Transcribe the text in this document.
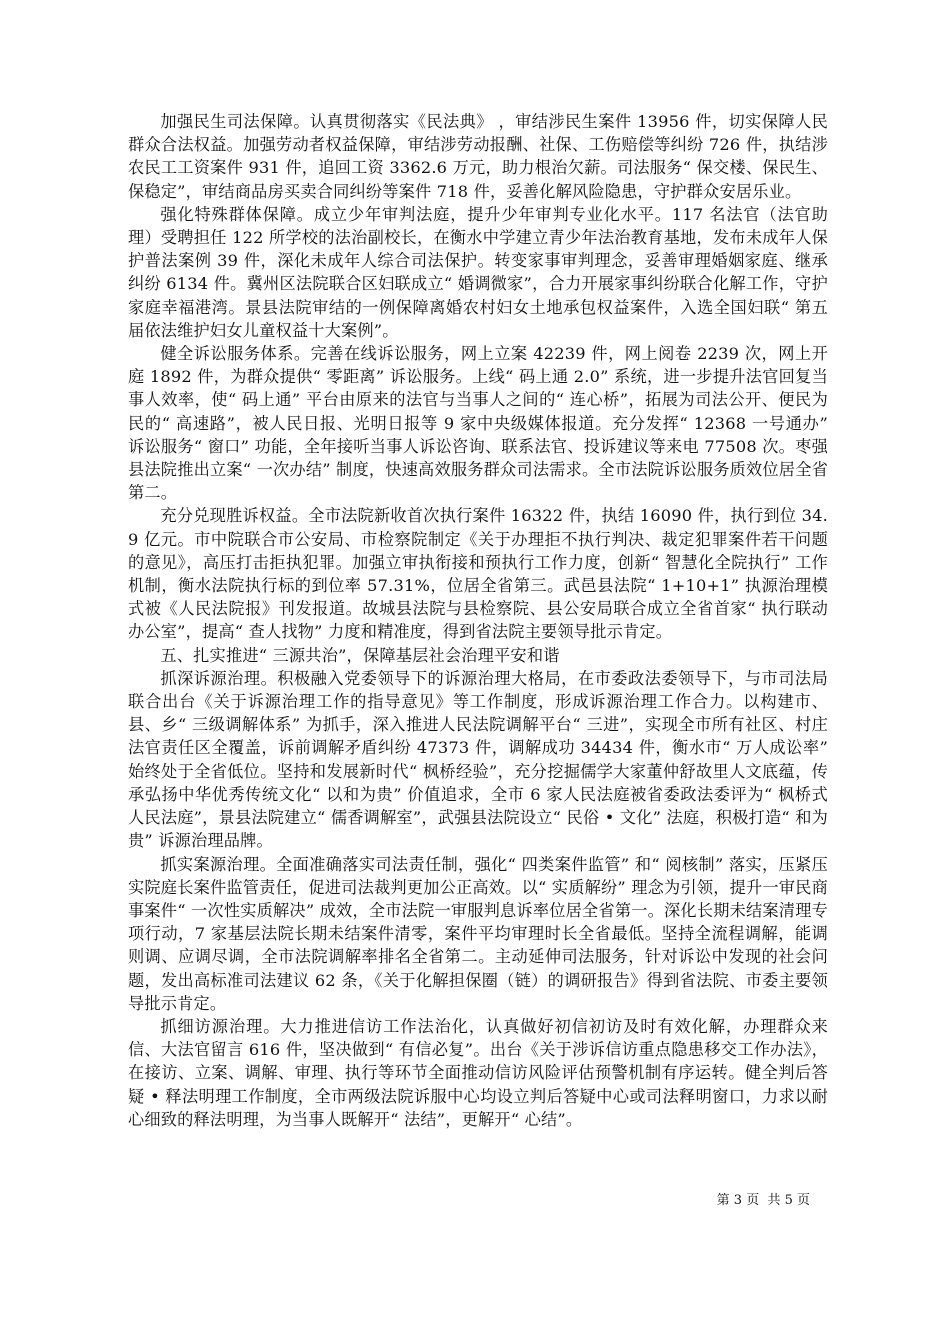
加强民生司法保障。认真贯彻落实《民法典》 ，审结涉民生案件 13956 件，切实保障人民群众合法权益。加强劳动者权益保障，审结涉劳动报酬、社保、工伤赔偿等纠纷 726 件，执结涉农民工工资案件 931 件，追回工资 3362.6 万元，助力根治欠薪。司法服务“ 保交楼、保民生、保稳定”，审结商品房买卖合同纠纷等案件 718 件，妥善化解风险隐患，守护群众安居乐业。

强化特殊群体保障。成立少年审判法庭，提升少年审判专业化水平。117 名法官（法官助理）受聘担任 122 所学校的法治副校长，在衡水中学建立青少年法治教育基地，发布未成年人保护普法案例 39 件，深化未成年人综合司法保护。转变家事审判理念，妥善审理婚姻家庭、继承纠纷 6134 件。冀州区法院联合区妇联成立“ 婚调微家”，合力开展家事纠纷联合化解工作，守护家庭幸福港湾。景县法院审结的一例保障离婚农村妇女土地承包权益案件，入选全国妇联“ 第五届依法维护妇女儿童权益十大案例”。

健全诉讼服务体系。完善在线诉讼服务，网上立案 42239 件，网上阅卷 2239 次，网上开庭 1892 件，为群众提供“ 零距离” 诉讼服务。上线“ 码上通 2.0” 系统，进一步提升法官回复当事人效率，使“ 码上通” 平台由原来的法官与当事人之间的“ 连心桥”，拓展为司法公开、便民为民的“ 高速路”，被人民日报、光明日报等 9 家中央级媒体报道。充分发挥“ 12368 一号通办” 诉讼服务“ 窗口” 功能，全年接听当事人诉讼咨询、联系法官、投诉建议等来电 77508 次。枣强县法院推出立案“ 一次办结” 制度，快速高效服务群众司法需求。全市法院诉讼服务质效位居全省第二。

充分兑现胜诉权益。全市法院新收首次执行案件 16322 件，执结 16090 件，执行到位 34.9 亿元。市中院联合市公安局、市检察院制定《关于办理拒不执行判决、裁定犯罪案件若干问题的意见》，高压打击拒执犯罪。加强立审执衔接和预执行工作力度，创新“ 智慧化全院执行” 工作机制，衡水法院执行标的到位率 57.31%，位居全省第三。武邑县法院“ 1+10+1” 执源治理模式被《人民法院报》刊发报道。故城县法院与县检察院、县公安局联合成立全省首家“ 执行联动办公室”，提高“ 查人找物” 力度和精准度，得到省法院主要领导批示肯定。

五、扎实推进“ 三源共治”，保障基层社会治理平安和谐

抓深诉源治理。积极融入党委领导下的诉源治理大格局，在市委政法委领导下，与市司法局联合出台《关于诉源治理工作的指导意见》等工作制度，形成诉源治理工作合力。以构建市、县、乡“ 三级调解体系” 为抓手，深入推进人民法院调解平台“ 三进”，实现全市所有社区、村庄法官责任区全覆盖，诉前调解矛盾纠纷 47373 件，调解成功 34434 件，衡水市“ 万人成讼率” 始终处于全省低位。坚持和发展新时代“ 枫桥经验”，充分挖掘儒学大家董仲舒故里人文底蕴，传承弘扬中华优秀传统文化“ 以和为贵” 价值追求，全市 6 家人民法庭被省委政法委评为“ 枫桥式人民法庭”，景县法院建立“ 儒香调解室”，武强县法院设立“ 民俗 • 文化” 法庭，积极打造“ 和为贵” 诉源治理品牌。

抓实案源治理。全面准确落实司法责任制，强化“ 四类案件监管” 和“ 阅核制” 落实，压紧压实院庭长案件监管责任，促进司法裁判更加公正高效。以“ 实质解纷” 理念为引领，提升一审民商事案件“ 一次性实质解决” 成效，全市法院一审服判息诉率位居全省第一。深化长期未结案清理专项行动，7 家基层法院长期未结案件清零，案件平均审理时长全省最低。坚持全流程调解，能调则调、应调尽调，全市法院调解率排名全省第二。主动延伸司法服务，针对诉讼中发现的社会问题，发出高标准司法建议 62 条，《关于化解担保圈（链）的调研报告》得到省法院、市委主要领导批示肯定。

抓细访源治理。大力推进信访工作法治化，认真做好初信初访及时有效化解，办理群众来信、大法官留言 616 件，坚决做到“ 有信必复”。出台《关于涉诉信访重点隐患移交工作办法》，在接访、立案、调解、审理、执行等环节全面推动信访风险评估预警机制有序运转。健全判后答疑 • 释法明理工作制度，全市两级法院诉服中心均设立判后答疑中心或司法释明窗口，力求以耐心细致的释法明理，为当事人既解开“ 法结”，更解开“ 心结”。

第 3 页  共 5 页
